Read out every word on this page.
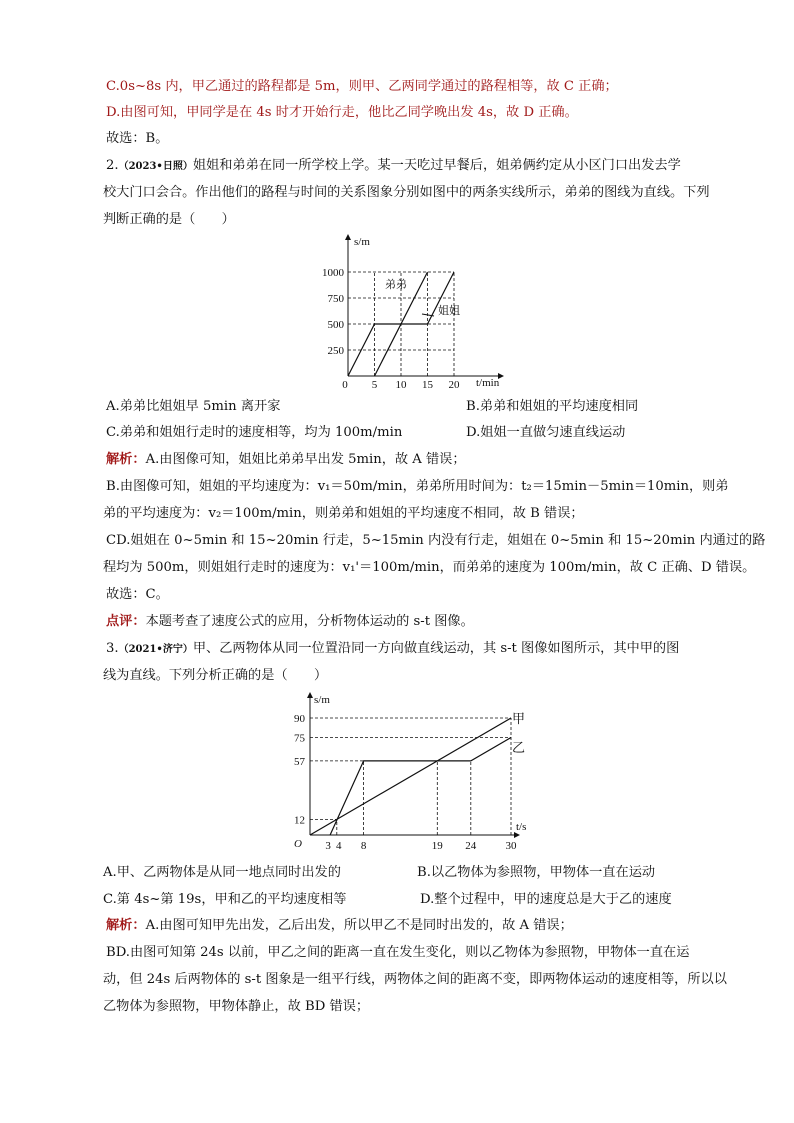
C.0s~8s 内，甲乙通过的路程都是 5m，则甲、乙两同学通过的路程相等，故 C 正确；
D.由图可知，甲同学是在 4s 时才开始行走，他比乙同学晚出发 4s，故 D 正确。
故选：B。
2.（2023•日照）姐姐和弟弟在同一所学校上学。某一天吃过早餐后，姐弟俩约定从小区门口出发去学
校大门口会合。作出他们的路程与时间的关系图象分别如图中的两条实线所示，弟弟的图线为直线。下列
判断正确的是（　　）
s/m
t/min
250
500
750
1000
0 5 10 15 20
弟弟
姐姐
A.弟弟比姐姐早 5min 离开家	B.弟弟和姐姐的平均速度相同
C.弟弟和姐姐行走时的速度相等，均为 100m/min	D.姐姐一直做匀速直线运动
解析：A.由图像可知，姐姐比弟弟早出发 5min，故 A 错误；
B.由图像可知，姐姐的平均速度为：v₁＝50m/min，弟弟所用时间为：t₂＝15min－5min＝10min，则弟
弟的平均速度为：v₂＝100m/min，则弟弟和姐姐的平均速度不相同，故 B 错误；
CD.姐姐在 0~5min 和 15~20min 行走，5~15min 内没有行走，姐姐在 0~5min 和 15~20min 内通过的路
程均为 500m，则姐姐行走时的速度为：v₁'＝100m/min，而弟弟的速度为 100m/min，故 C 正确、D 错误。
故选：C。
点评：本题考查了速度公式的应用，分析物体运动的 s-t 图像。
3.（2021•济宁）甲、乙两物体从同一位置沿同一方向做直线运动，其 s-t 图像如图所示，其中甲的图
线为直线。下列分析正确的是（　　）
s/m
t/s
O
12
57
75
90
3 4 8	19 24	30
甲
乙
A.甲、乙两物体是从同一地点同时出发的	B.以乙物体为参照物，甲物体一直在运动
C.第 4s~第 19s，甲和乙的平均速度相等	D.整个过程中，甲的速度总是大于乙的速度
解析：A.由图可知甲先出发，乙后出发，所以甲乙不是同时出发的，故 A 错误；
BD.由图可知第 24s 以前，甲乙之间的距离一直在发生变化，则以乙物体为参照物，甲物体一直在运
动，但 24s 后两物体的 s-t 图象是一组平行线，两物体之间的距离不变，即两物体运动的速度相等，所以以
乙物体为参照物，甲物体静止，故 BD 错误；
